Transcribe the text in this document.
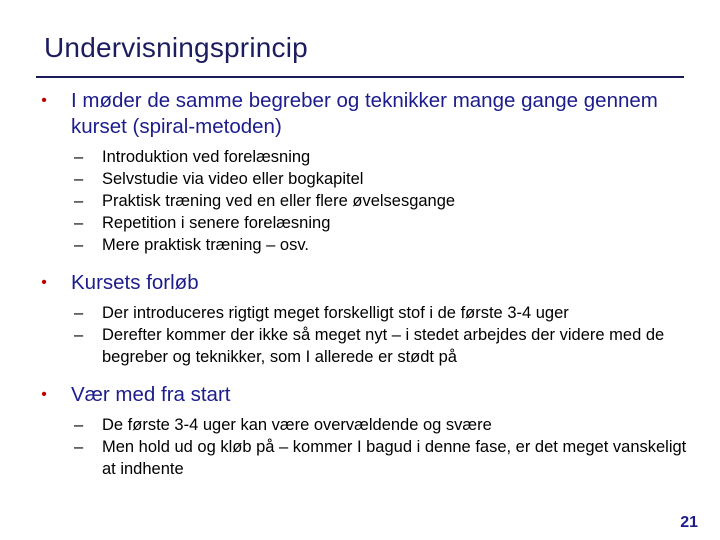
Undervisningsprincip
•	I møder de samme begreber og teknikker mange gange gennem kurset (spiral-metoden)
– Introduktion ved forelæsning
– Selvstudie via video eller bogkapitel
– Praktisk træning ved en eller flere øvelsesgange
– Repetition i senere forelæsning
– Mere praktisk træning – osv.
•	Kursets forløb
– Der introduceres rigtigt meget forskelligt stof i de første 3-4 uger
– Derefter kommer der ikke så meget nyt – i stedet arbejdes der videre med de begreber og teknikker, som I allerede er stødt på
•	Vær med fra start
– De første 3-4 uger kan være overvældende og svære
– Men hold ud og kløb på – kommer I bagud i denne fase, er det meget vanskeligt at indhente
21
